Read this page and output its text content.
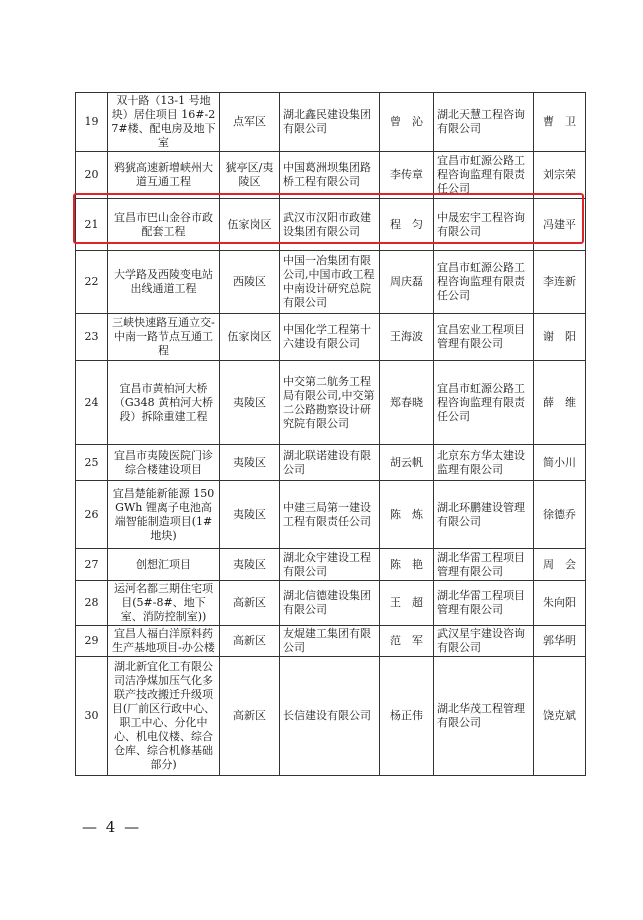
19	双十路（13-1 号地块）居住项目 16#-27#楼、配电房及地下室	点军区	湖北鑫民建设集团有限公司	曾　沁	湖北天慧工程咨询有限公司	曹　卫
20	鸦猇高速新增峡州大道互通工程	猇亭区/夷陵区	中国葛洲坝集团路桥工程有限公司	李传章	宜昌市虹源公路工程咨询监理有限责任公司	刘宗荣
21	宜昌市巴山金谷市政配套工程	伍家岗区	武汉市汉阳市政建设集团有限公司	程　匀	中晟宏宇工程咨询有限公司	冯建平
22	大学路及西陵变电站出线通道工程	西陵区	中国一冶集团有限公司,中国市政工程中南设计研究总院有限公司	周庆磊	宜昌市虹源公路工程咨询监理有限责任公司	李连新
23	三峡快速路互通立交-中南一路节点互通工程	伍家岗区	中国化学工程第十六建设有限公司	王海波	宜昌宏业工程项目管理有限公司	谢　阳
24	宜昌市黄柏河大桥（G348 黄柏河大桥段）拆除重建工程	夷陵区	中交第二航务工程局有限公司,中交第二公路勘察设计研究院有限公司	郑春晓	宜昌市虹源公路工程咨询监理有限责任公司	薛　维
25	宜昌市夷陵医院门诊综合楼建设项目	夷陵区	湖北联诺建设有限公司	胡云帆	北京东方华太建设监理有限公司	简小川
26	宜昌楚能新能源 150GWh 锂离子电池高端智能制造项目(1#地块)	夷陵区	中建三局第一建设工程有限责任公司	陈　炼	湖北环鹏建设管理有限公司	徐德乔
27	创想汇项目	夷陵区	湖北众宇建设工程有限公司	陈　艳	湖北华雷工程项目管理有限公司	周　会
28	运河名都三期住宅项目(5#-8#、地下室、消防控制室))	高新区	湖北信德建设集团有限公司	王　超	湖北华雷工程项目管理有限公司	朱向阳
29	宜昌人福白洋原料药生产基地项目-办公楼	高新区	友焜建工集团有限公司	范　军	武汉星宇建设咨询有限公司	郭华明
30	湖北新宜化工有限公司洁净煤加压气化多联产技改搬迁升级项目(厂前区行政中心、职工中心、分化中心、机电仪楼、综合仓库、综合机修基础部分)	高新区	长信建设有限公司	杨正伟	湖北华茂工程管理有限公司	饶克斌
— 4 —
